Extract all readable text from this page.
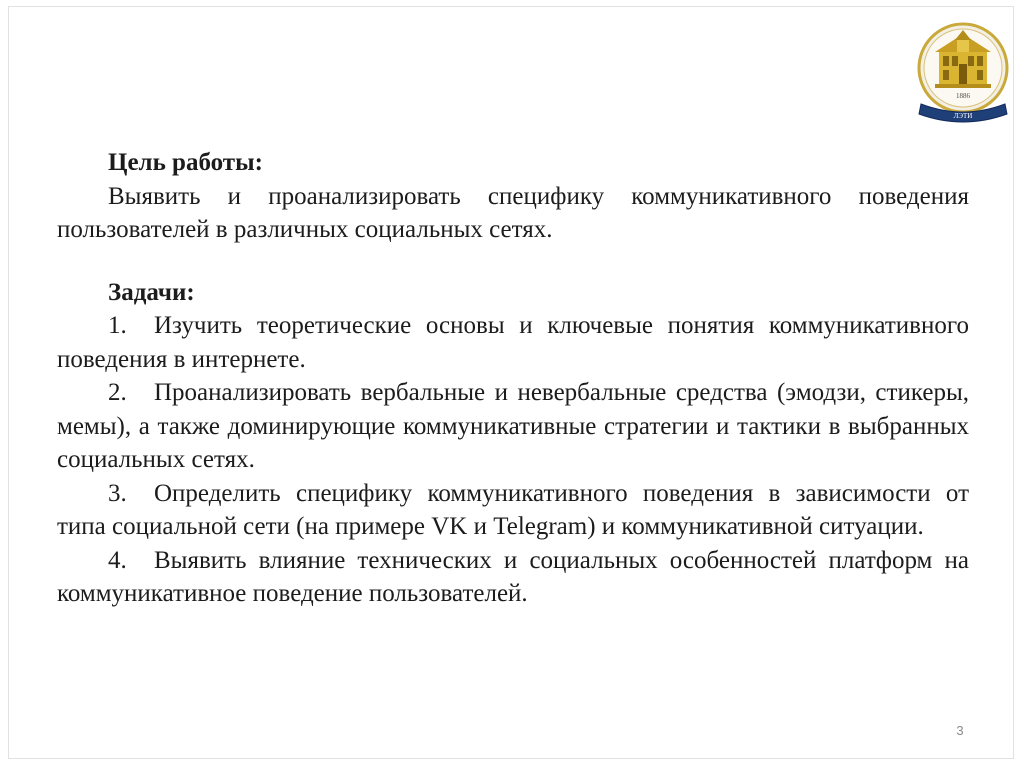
1886
ЛЭТИ
Цель работы:

Выявить и проанализировать специфику коммуникативного поведения пользователей в различных социальных сетях.

Задачи:

1. Изучить теоретические основы и ключевые понятия коммуникативного поведения в интернете.

2. Проанализировать вербальные и невербальные средства (эмодзи, стикеры, мемы), а также доминирующие коммуникативные стратегии и тактики в выбранных социальных сетях.

3. Определить специфику коммуникативного поведения в зависимости от типа социальной сети (на примере VK и Telegram) и коммуникативной ситуации.

4. Выявить влияние технических и социальных особенностей платформ на коммуникативное поведение пользователей.

3
